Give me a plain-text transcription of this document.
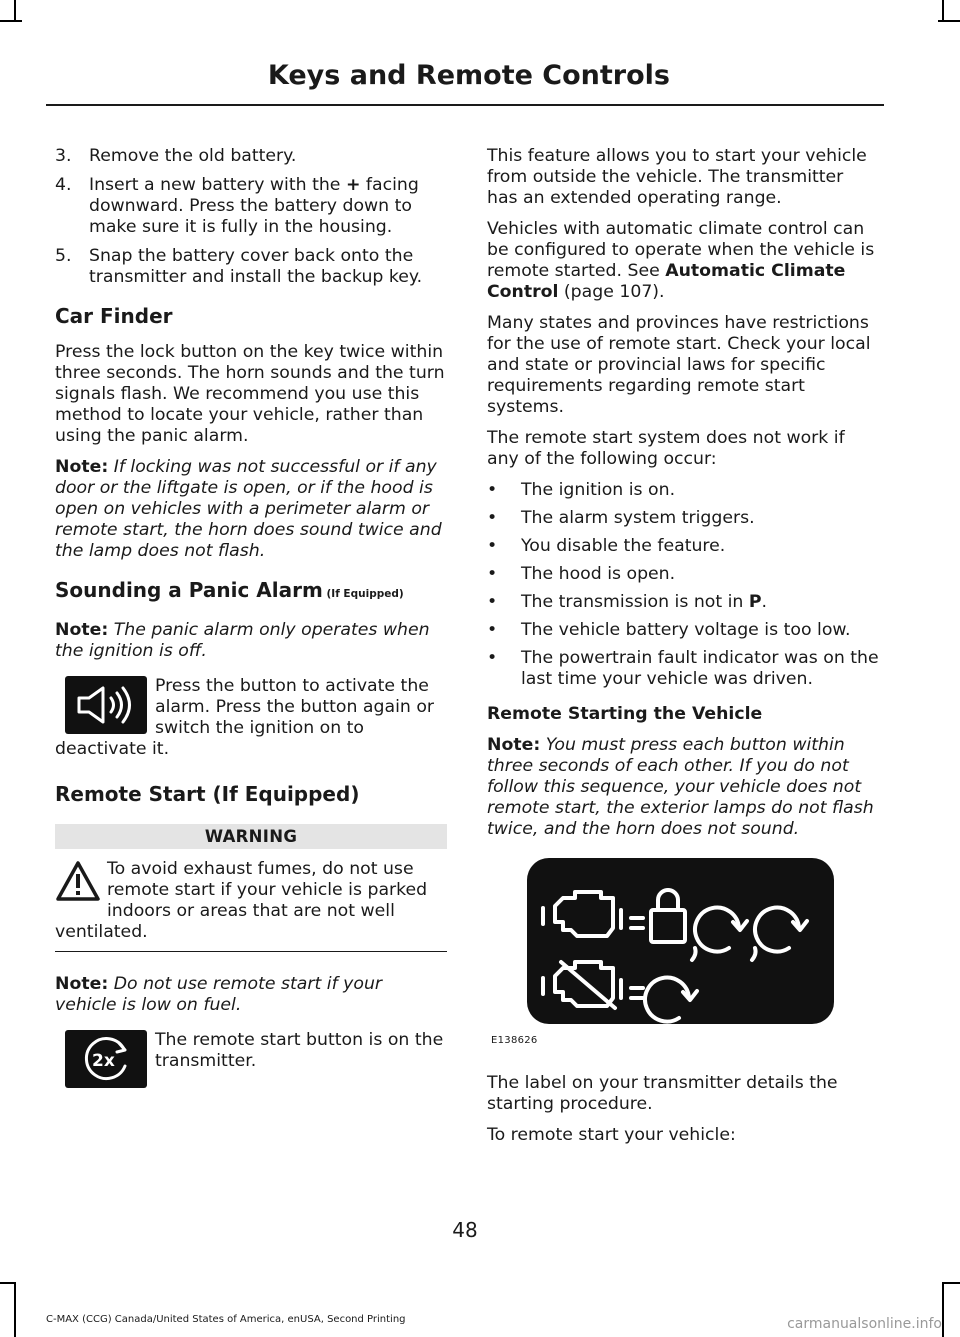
Keys and Remote Controls
3. Remove the old battery.
4. Insert a new battery with the + facing downward. Press the battery down to make sure it is fully in the housing.
5. Snap the battery cover back onto the transmitter and install the backup key.
Car Finder

Press the lock button on the key twice within three seconds. The horn sounds and the turn signals flash. We recommend you use this method to locate your vehicle, rather than using the panic alarm.

Note: If locking was not successful or if any door or the liftgate is open, or if the hood is open on vehicles with a perimeter alarm or remote start, the horn does sound twice and the lamp does not flash.
Sounding a Panic Alarm (If Equipped)
Note: The panic alarm only operates when the ignition is off.
Press the button to activate the alarm. Press the button again or switch the ignition on to deactivate it.
Remote Start (If Equipped)
WARNING
To avoid exhaust fumes, do not use remote start if your vehicle is parked indoors or areas that are not well ventilated.
Note: Do not use remote start if your vehicle is low on fuel.
2x
The remote start button is on the transmitter.

This feature allows you to start your vehicle from outside the vehicle. The transmitter has an extended operating range.

Vehicles with automatic climate control can be configured to operate when the vehicle is remote started. See Automatic Climate Control (page 107).

Many states and provinces have restrictions for the use of remote start. Check your local and state or provincial laws for specific requirements regarding remote start systems.

The remote start system does not work if any of the following occur:

• The ignition is on.
• The alarm system triggers.
• You disable the feature.
• The hood is open.
• The transmission is not in P.
• The vehicle battery voltage is too low.
• The powertrain fault indicator was on the last time your vehicle was driven.
Remote Starting the Vehicle
Note: You must press each button within three seconds of each other. If you do not follow this sequence, your vehicle does not remote start, the exterior lamps do not flash twice, and the horn does not sound.
E138626

The label on your transmitter details the starting procedure.

To remote start your vehicle:

48
C-MAX (CCG) Canada/United States of America, enUSA, Second Printing	carmanualsonline.info
